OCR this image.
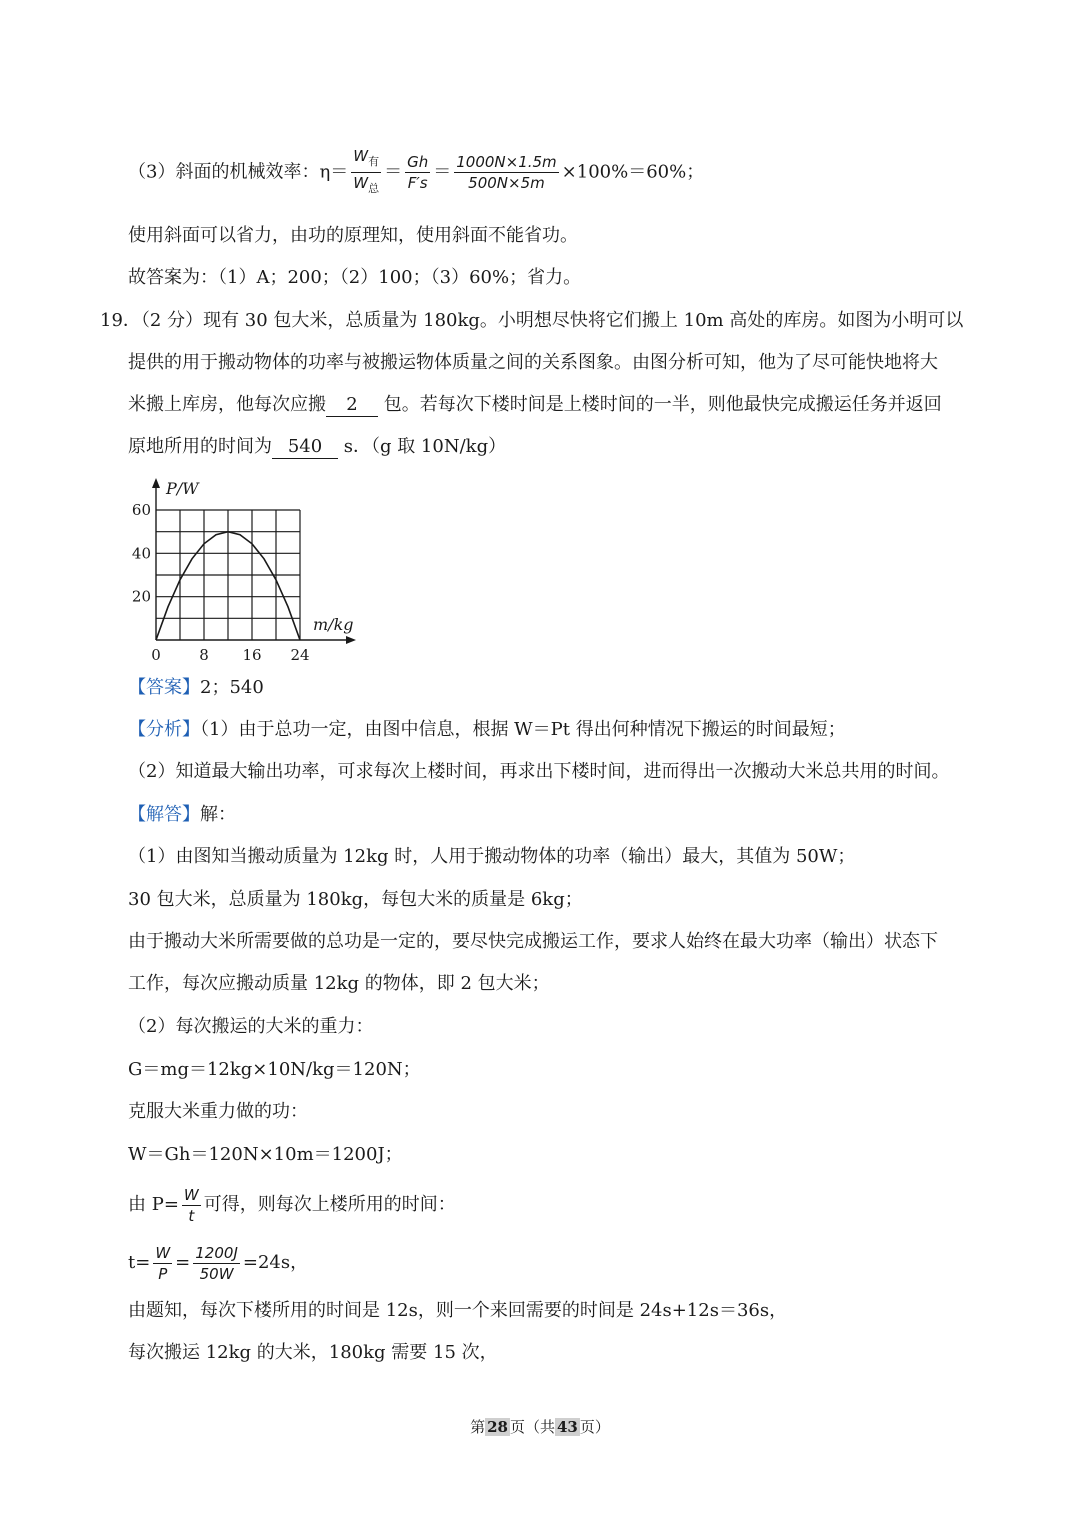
（3）斜面的机械效率：$\eta= \frac{W_有}{W_总} = \frac{Gh}{F's} = \frac{1000N\times 1.5m}{500N\times 5m} \times 100\%=60\%$；
使用斜面可以省力，由功的原理知，使用斜面不能省功。
故答案为：（1）A；200；（2）100；（3）60%；省力。
19．（2 分）现有 30 包大米，总质量为 180kg。小明想尽快将它们搬上 10m 高处的库房。如图为小明可以
提供的用于搬动物体的功率与被搬运物体质量之间的关系图象。由图分析可知，他为了尽可能快地将大
米搬上库房，他每次应搬 2 包。若每次下楼时间是上楼时间的一半，则他最快完成搬运任务并返回
原地所用的时间为 540 s．（g 取 10N/kg）
0	8 16 24
20
40
60
P/W
m/kg
【答案】2；540
【分析】（1）由于总功一定，由图中信息，根据 W＝Pt 得出何种情况下搬运的时间最短；
（2）知道最大输出功率，可求每次上楼时间，再求出下楼时间，进而得出一次搬动大米总共用的时间。
【解答】解：
（1）由图知当搬动质量为 12kg 时，人用于搬动物体的功率（输出）最大，其值为 50W；
30 包大米，总质量为 180kg，每包大米的质量是 6kg；
由于搬动大米所需要做的总功是一定的，要尽快完成搬运工作，要求人始终在最大功率（输出）状态下
工作，每次应搬动质量 12kg 的物体，即 2 包大米；
（2）每次搬运的大米的重力：
G＝mg＝12kg×10N/kg＝120N；
克服大米重力做的功：
W＝Gh＝120N×10m＝1200J；
由 $P= \frac{W}{t}$ 可得，则每次上楼所用的时间：
$t= \frac{W}{P} = \frac{1200J}{50W} =24s$，
由题知，每次下楼所用的时间是 12s，则一个来回需要的时间是 24s+12s＝36s，
每次搬运 12kg 的大米，180kg 需要 15 次，
第 28 页（共 43 页）
